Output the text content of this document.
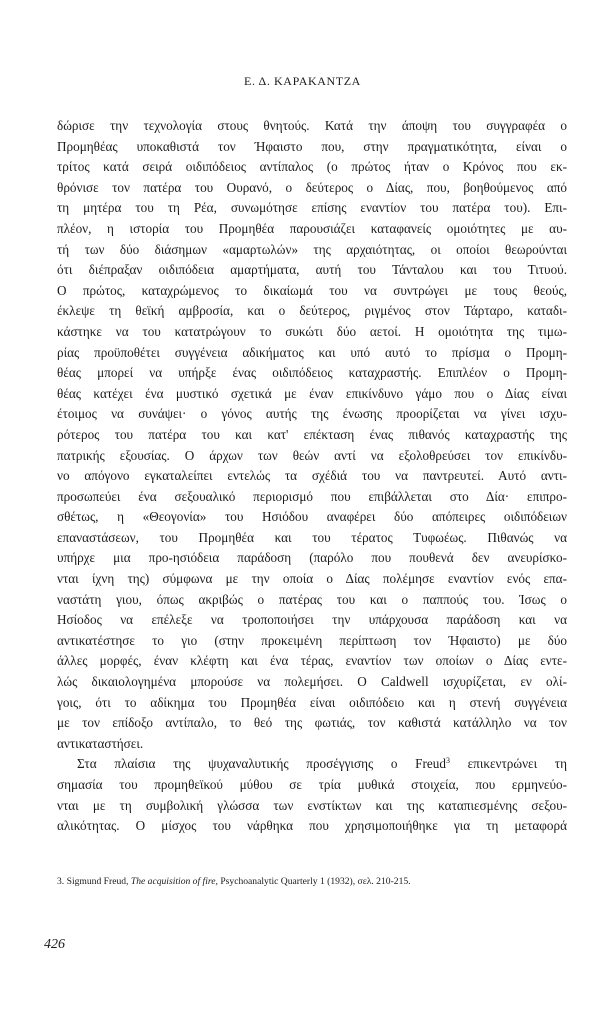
Ε. Δ. ΚΑΡΑΚΑΝΤΖΑ
δώρισε την τεχνολογία στους θνητούς. Κατά την άποψη του συγγραφέα ο
Προμηθέας υποκαθιστά τον Ήφαιστο που, στην πραγματικότητα, είναι ο
τρίτος κατά σειρά οιδιπόδειος αντίπαλος (ο πρώτος ήταν ο Κρόνος που εκ-
θρόνισε τον πατέρα του Ουρανό, ο δεύτερος ο Δίας, που, βοηθούμενος από
τη μητέρα του τη Ρέα, συνωμότησε επίσης εναντίον του πατέρα του). Επι-
πλέον, η ιστορία του Προμηθέα παρουσιάζει καταφανείς ομοιότητες με αυ-
τή των δύο διάσημων «αμαρτωλών» της αρχαιότητας, οι οποίοι θεωρούνται
ότι διέπραξαν οιδιπόδεια αμαρτήματα, αυτή του Τάνταλου και του Τιτυού.
Ο πρώτος, καταχρώμενος το δικαίωμά του να συντρώγει με τους θεούς,
έκλεψε τη θεϊκή αμβροσία, και ο δεύτερος, ριγμένος στον Τάρταρο, καταδι-
κάστηκε να του κατατρώγουν το συκώτι δύο αετοί. Η ομοιότητα της τιμω-
ρίας προϋποθέτει συγγένεια αδικήματος και υπό αυτό το πρίσμα ο Προμη-
θέας μπορεί να υπήρξε ένας οιδιπόδειος καταχραστής. Επιπλέον ο Προμη-
θέας κατέχει ένα μυστικό σχετικά με έναν επικίνδυνο γάμο που ο Δίας είναι
έτοιμος να συνάψει· ο γόνος αυτής της ένωσης προορίζεται να γίνει ισχυ-
ρότερος του πατέρα του και κατ' επέκταση ένας πιθανός καταχραστής της
πατρικής εξουσίας. Ο άρχων των θεών αντί να εξολοθρεύσει τον επικίνδυ-
νο απόγονο εγκαταλείπει εντελώς τα σχέδιά του να παντρευτεί. Αυτό αντι-
προσωπεύει ένα σεξουαλικό περιορισμό που επιβάλλεται στο Δία· επιπρο-
σθέτως, η «Θεογονία» του Ησιόδου αναφέρει δύο απόπειρες οιδιπόδειων
επαναστάσεων, του Προμηθέα και του τέρατος Τυφωέως. Πιθανώς να
υπήρχε μια προ-ησιόδεια παράδοση (παρόλο που πουθενά δεν ανευρίσκο-
νται ίχνη της) σύμφωνα με την οποία ο Δίας πολέμησε εναντίον ενός επα-
ναστάτη γιου, όπως ακριβώς ο πατέρας του και ο παππούς του. Ίσως ο
Ησίοδος να επέλεξε να τροποποιήσει την υπάρχουσα παράδοση και να
αντικατέστησε το γιο (στην προκειμένη περίπτωση τον Ήφαιστο) με δύο
άλλες μορφές, έναν κλέφτη και ένα τέρας, εναντίον των οποίων ο Δίας εντε-
λώς δικαιολογημένα μπορούσε να πολεμήσει. Ο Caldwell ισχυρίζεται, εν ολί-
γοις, ότι το αδίκημα του Προμηθέα είναι οιδιπόδειο και η στενή συγγένεια
με τον επίδοξο αντίπαλο, το θεό της φωτιάς, τον καθιστά κατάλληλο να τον
αντικαταστήσει.
Στα πλαίσια της ψυχαναλυτικής προσέγγισης ο Freud$^3$ επικεντρώνει τη
σημασία του προμηθεϊκού μύθου σε τρία μυθικά στοιχεία, που ερμηνεύο-
νται με τη συμβολική γλώσσα των ενστίκτων και της καταπιεσμένης σεξου-
αλικότητας. Ο μίσχος του νάρθηκα που χρησιμοποιήθηκε για τη μεταφορά
3. Sigmund Freud, The acquisition of fire, Psychoanalytic Quarterly 1 (1932), σελ. 210-215.
426
